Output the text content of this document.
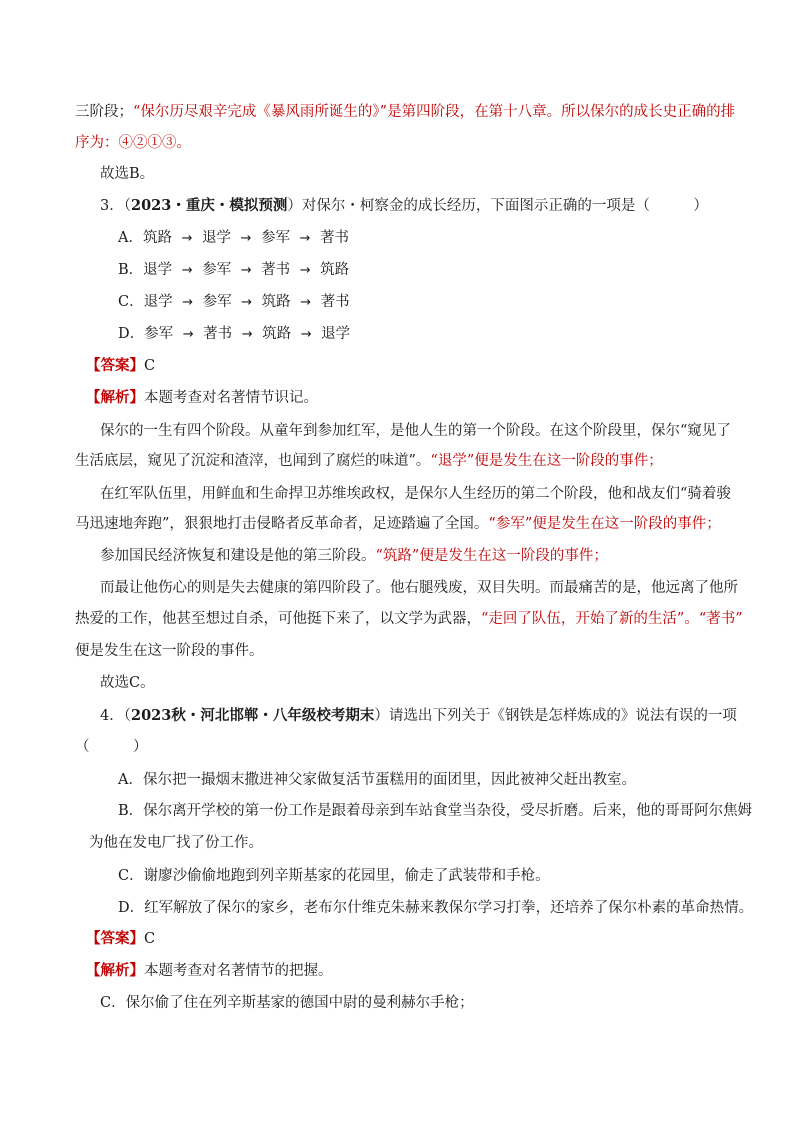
三阶段；“保尔历尽艰辛完成《暴风雨所诞生的》”是第四阶段，在第十八章。所以保尔的成长史正确的排
序为：④②①③。
故选B。
3．（2023・重庆・模拟预测）对保尔・柯察金的成长经历，下面图示正确的一项是（　　　）
A．筑路 → 退学 → 参军 → 著书
B．退学 → 参军 → 著书 → 筑路
C．退学 → 参军 → 筑路 → 著书
D．参军 → 著书 → 筑路 → 退学
【答案】C
【解析】本题考查对名著情节识记。
保尔的一生有四个阶段。从童年到参加红军，是他人生的第一个阶段。在这个阶段里，保尔“窥见了
生活底层，窥见了沉淀和渣滓，也闻到了腐烂的味道”。“退学”便是发生在这一阶段的事件；
在红军队伍里，用鲜血和生命捍卫苏维埃政权，是保尔人生经历的第二个阶段，他和战友们“骑着骏
马迅速地奔跑”，狠狠地打击侵略者反革命者，足迹踏遍了全国。“参军”便是发生在这一阶段的事件；
参加国民经济恢复和建设是他的第三阶段。“筑路”便是发生在这一阶段的事件；
而最让他伤心的则是失去健康的第四阶段了。他右腿残废，双目失明。而最痛苦的是，他远离了他所
热爱的工作，他甚至想过自杀，可他挺下来了，以文学为武器，“走回了队伍，开始了新的生活”。“著书”
便是发生在这一阶段的事件。
故选C。
4．（2023秋・河北邯郸・八年级校考期末）请选出下列关于《钢铁是怎样炼成的》说法有误的一项
（　　　）
A．保尔把一撮烟末撒进神父家做复活节蛋糕用的面团里，因此被神父赶出教室。
B．保尔离开学校的第一份工作是跟着母亲到车站食堂当杂役，受尽折磨。后来，他的哥哥阿尔焦姆
为他在发电厂找了份工作。
C．谢廖沙偷偷地跑到列辛斯基家的花园里，偷走了武装带和手枪。
D．红军解放了保尔的家乡，老布尔什维克朱赫来教保尔学习打拳，还培养了保尔朴素的革命热情。
【答案】C
【解析】本题考查对名著情节的把握。
C．保尔偷了住在列辛斯基家的德国中尉的曼利赫尔手枪；
